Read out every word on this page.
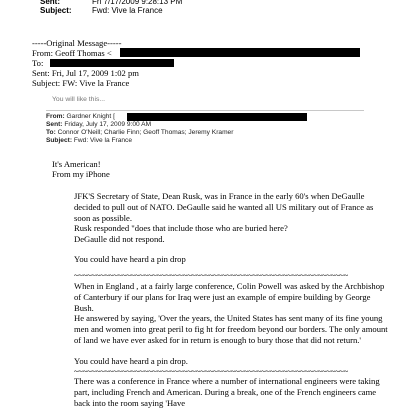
Sent:	Fri 7/17/2009 9:28:13 PM
Subject:	Fwd: Vive la France
-----Original Message-----
From: Geoff Thomas <
To:
Sent: Fri, Jul 17, 2009 1:02 pm
Subject: FW: Vive la France
You will like this...
From: Gardner Knight [
Sent: Friday, July 17, 2009 9:00 AM
To: Connor O'Neill; Charlie Finn; Geoff Thomas; Jeremy Kramer
Subject: Fwd: Vive la France
It's American!
From my iPhone
JFK'S Secretary of State, Dean Rusk, was in France in the early 60's when DeGaulle decided to pull out of NATO. DeGaulle said he wanted all US military out of France as soon as possible.
Rusk responded "does that include those who are buried here?
DeGaulle did not respond.
You could have heard a pin drop
~~~~~~~~~~~~~~~~~~~~~~~~~~~~~~~~~~~~~~~~~~~~~~~~~~~~~~~~~~~~~~~
When in England , at a fairly large conference, Colin Powell was asked by the Archbishop of Canterbury if our plans for Iraq were just an example of empire building by George Bush.
He answered by saying, 'Over the years, the United States has sent many of its fine young men and women into great peril to fig ht for freedom beyond our borders. The only amount of land we have ever asked for in return is enough to bury those that did not return.'
You could have heard a pin drop.
~~~~~~~~~~~~~~~~~~~~~~~~~~~~~~~~~~~~~~~~~~~~~~~~~~~~~~~~~~~~~~~
There was a conference in France where a number of international engineers were taking part, including French and American. During a break, one of the French engineers came back into the room saying 'Have
